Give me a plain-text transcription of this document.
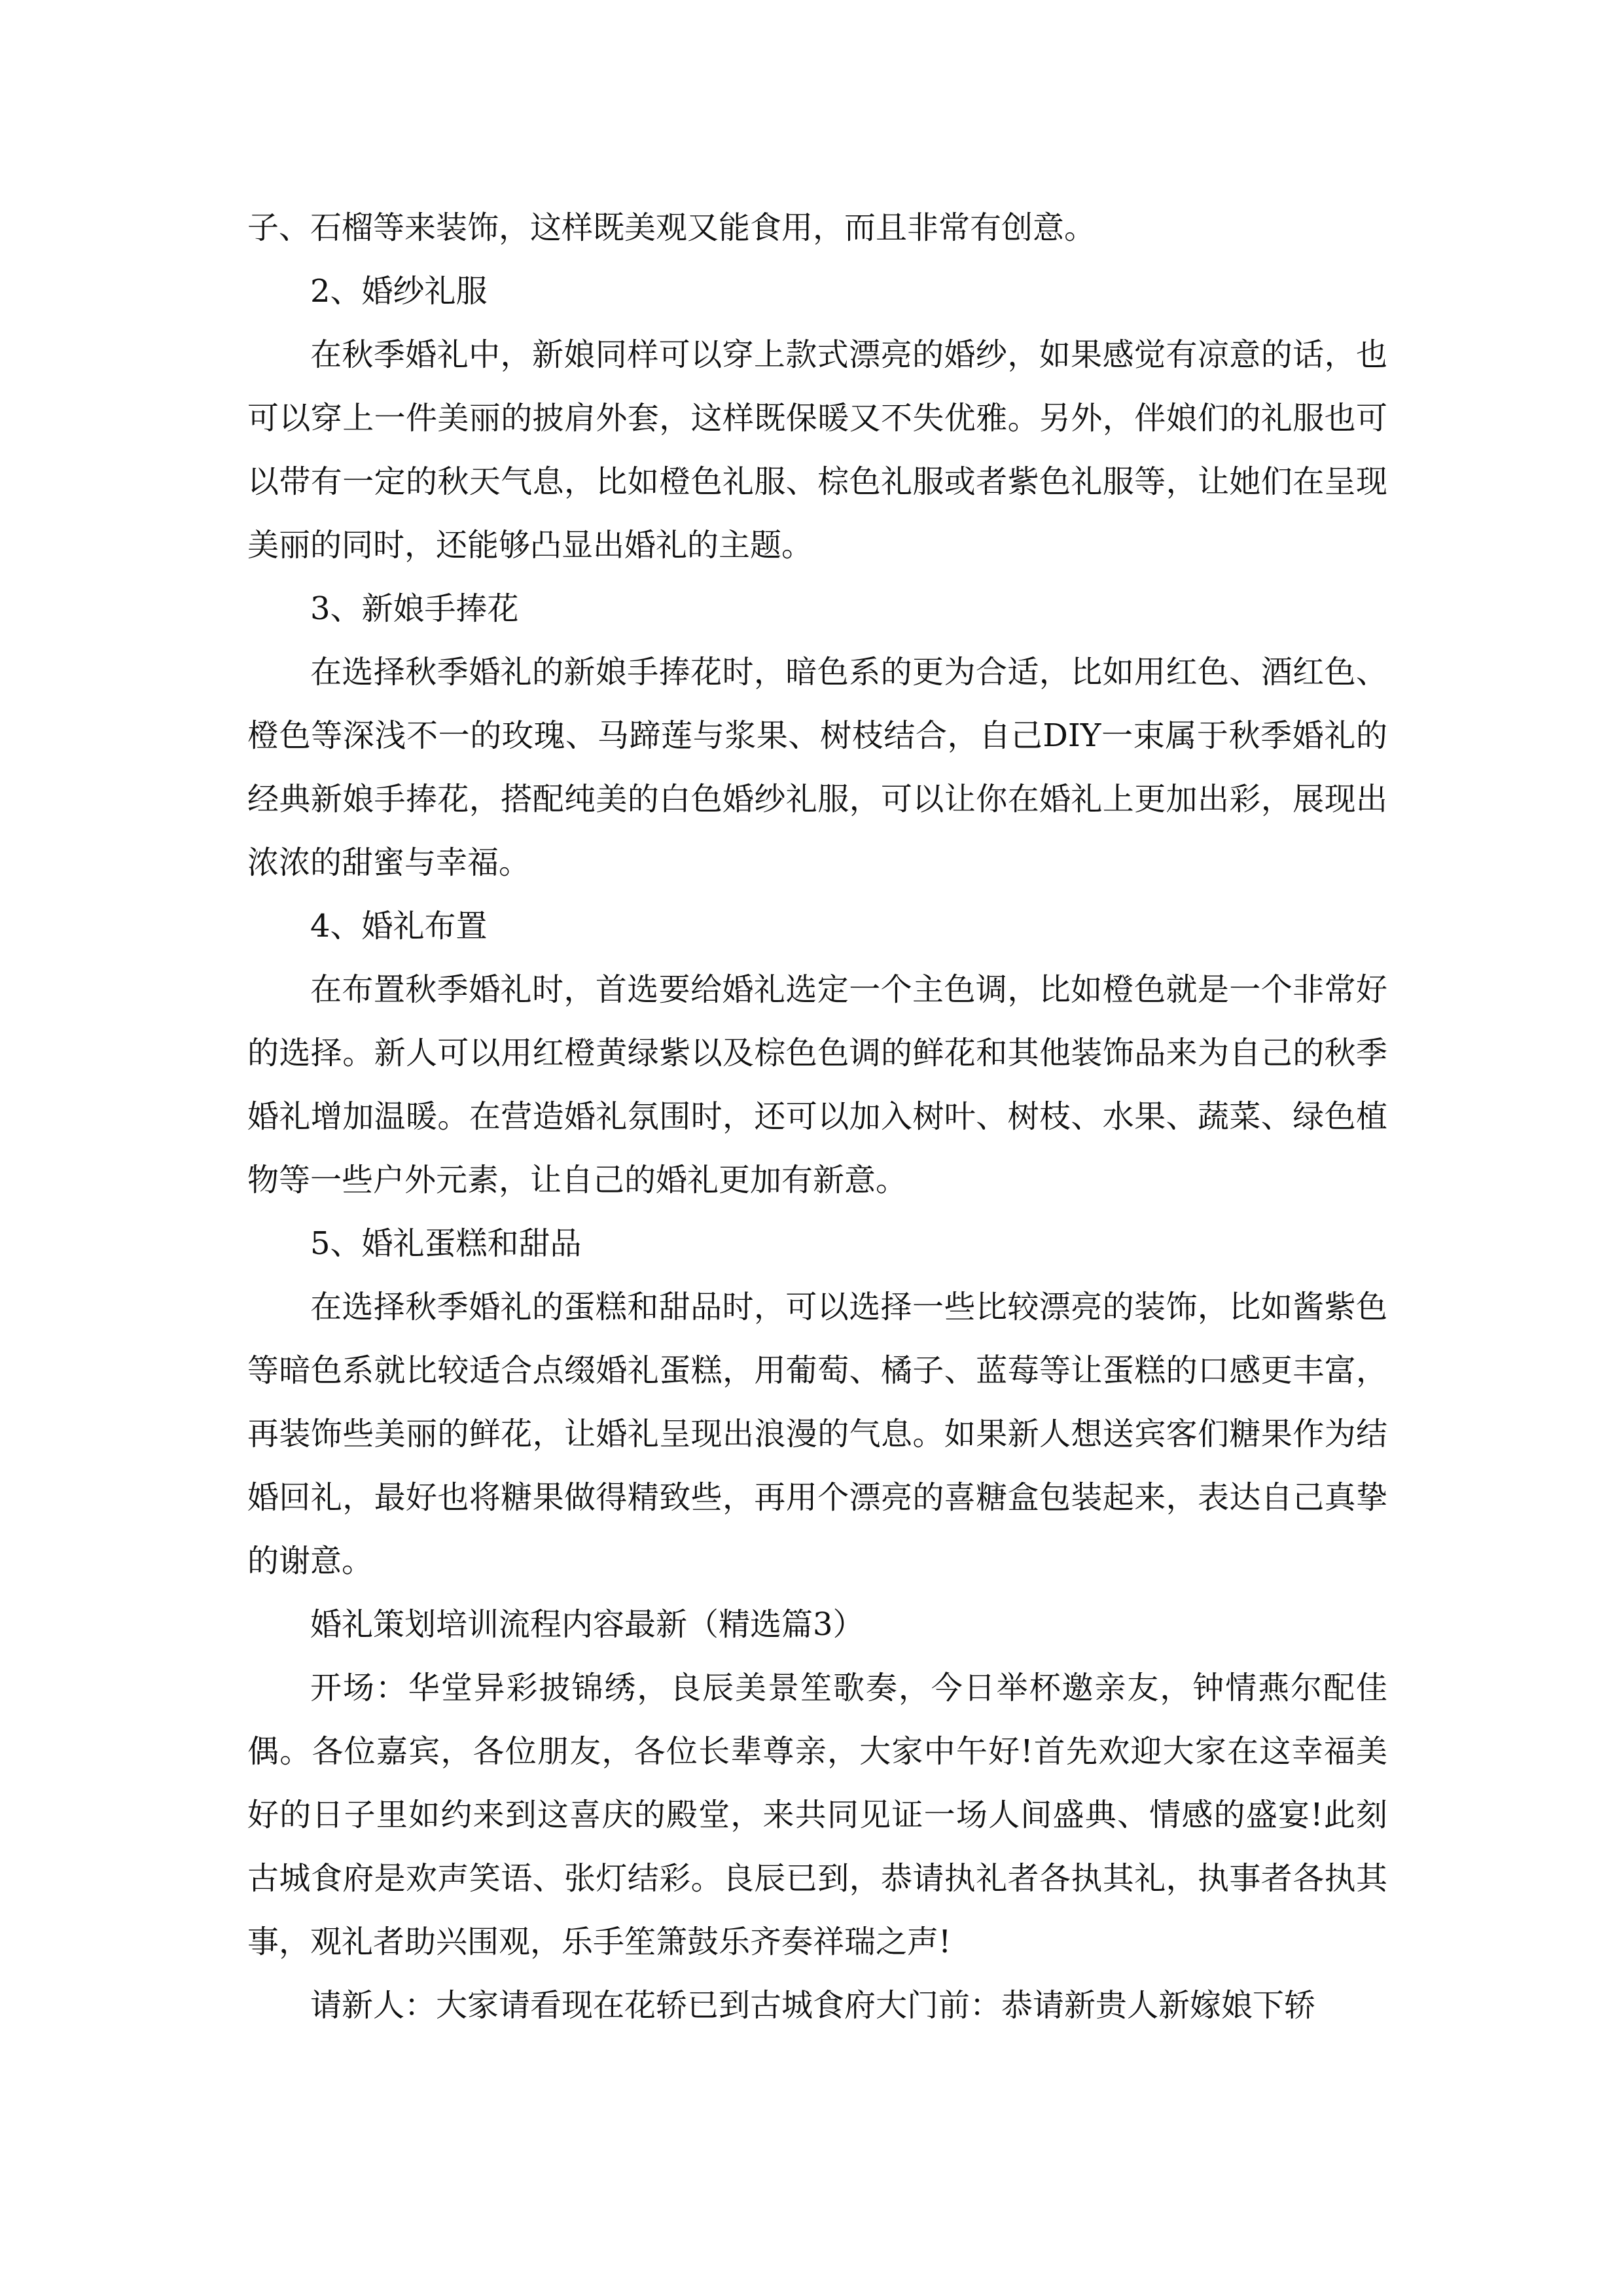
子、石榴等来装饰，这样既美观又能食用，而且非常有创意。

2、婚纱礼服

在秋季婚礼中，新娘同样可以穿上款式漂亮的婚纱，如果感觉有凉意的话，也可以穿上一件美丽的披肩外套，这样既保暖又不失优雅。另外，伴娘们的礼服也可以带有一定的秋天气息，比如橙色礼服、棕色礼服或者紫色礼服等，让她们在呈现美丽的同时，还能够凸显出婚礼的主题。

3、新娘手捧花

在选择秋季婚礼的新娘手捧花时，暗色系的更为合适，比如用红色、酒红色、橙色等深浅不一的玫瑰、马蹄莲与浆果、树枝结合，自己DIY一束属于秋季婚礼的经典新娘手捧花，搭配纯美的白色婚纱礼服，可以让你在婚礼上更加出彩，展现出浓浓的甜蜜与幸福。

4、婚礼布置

在布置秋季婚礼时，首选要给婚礼选定一个主色调，比如橙色就是一个非常好的选择。新人可以用红橙黄绿紫以及棕色色调的鲜花和其他装饰品来为自己的秋季婚礼增加温暖。在营造婚礼氛围时，还可以加入树叶、树枝、水果、蔬菜、绿色植物等一些户外元素，让自己的婚礼更加有新意。

5、婚礼蛋糕和甜品

在选择秋季婚礼的蛋糕和甜品时，可以选择一些比较漂亮的装饰，比如酱紫色等暗色系就比较适合点缀婚礼蛋糕，用葡萄、橘子、蓝莓等让蛋糕的口感更丰富，再装饰些美丽的鲜花，让婚礼呈现出浪漫的气息。如果新人想送宾客们糖果作为结婚回礼，最好也将糖果做得精致些，再用个漂亮的喜糖盒包装起来，表达自己真挚的谢意。

婚礼策划培训流程内容最新（精选篇3）

开场：华堂异彩披锦绣，良辰美景笙歌奏，今日举杯邀亲友，钟情燕尔配佳偶。各位嘉宾，各位朋友，各位长辈尊亲，大家中午好!首先欢迎大家在这幸福美好的日子里如约来到这喜庆的殿堂，来共同见证一场人间盛典、情感的盛宴!此刻古城食府是欢声笑语、张灯结彩。良辰已到，恭请执礼者各执其礼，执事者各执其事，观礼者助兴围观，乐手笙箫鼓乐齐奏祥瑞之声!

请新人：大家请看现在花轿已到古城食府大门前：恭请新贵人新嫁娘下轿
